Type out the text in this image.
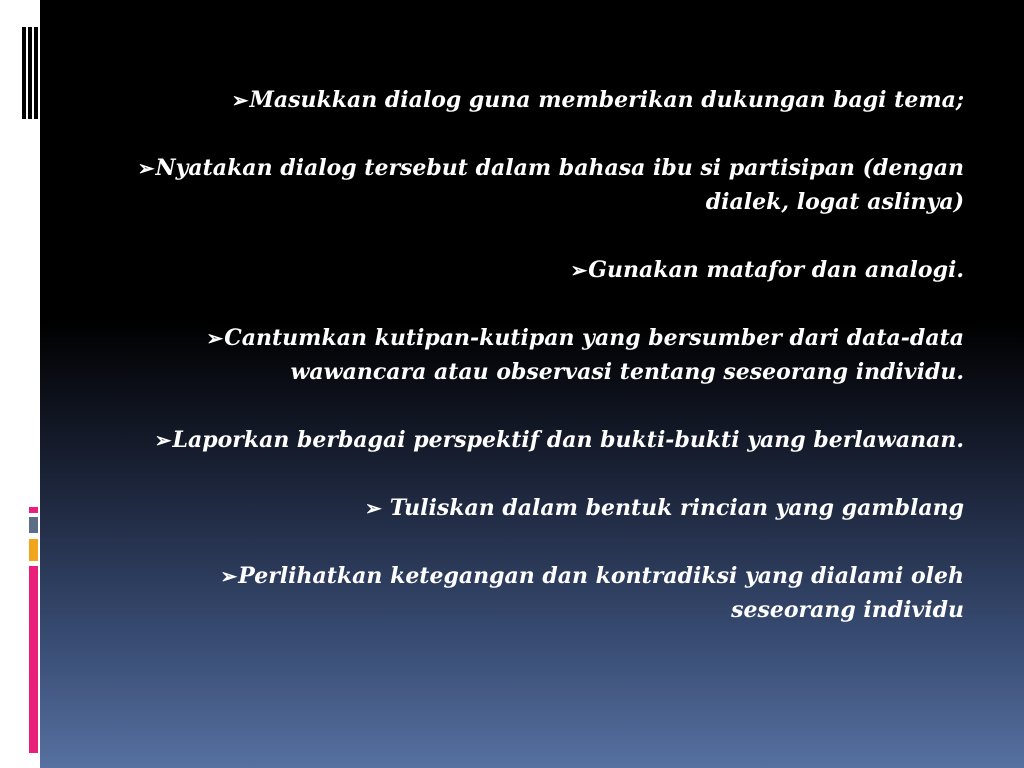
➢Masukkan dialog guna memberikan dukungan bagi tema;

➢Nyatakan dialog tersebut dalam bahasa ibu si partisipan (dengan dialek, logat aslinya)

➢Gunakan matafor dan analogi.

➢Cantumkan kutipan-kutipan yang bersumber dari data-data wawancara atau observasi tentang seseorang individu.

➢Laporkan berbagai perspektif dan bukti-bukti yang berlawanan.

➢ Tuliskan dalam bentuk rincian yang gamblang

➢Perlihatkan ketegangan dan kontradiksi yang dialami oleh seseorang individu
